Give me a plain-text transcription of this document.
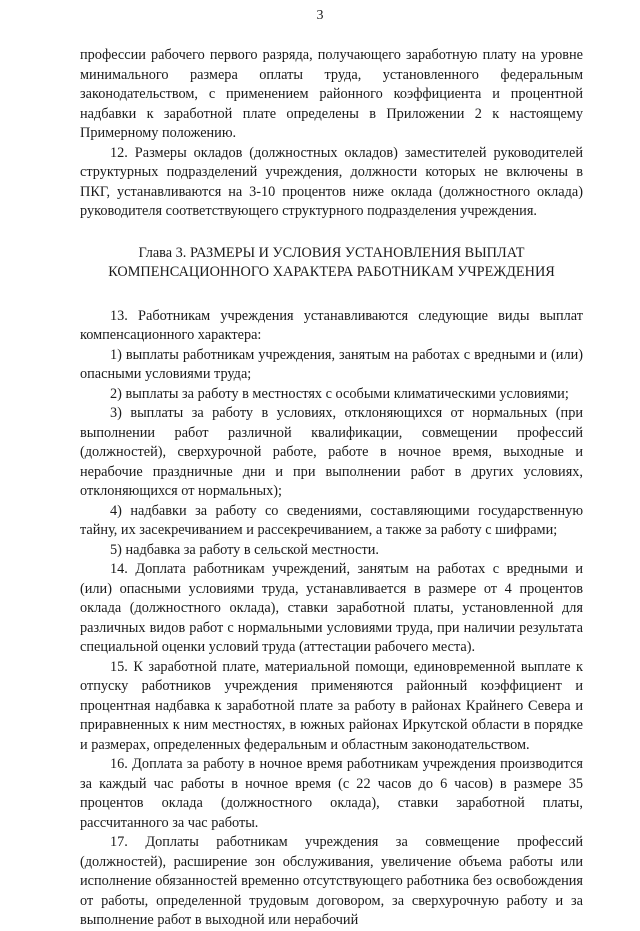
3

профессии рабочего первого разряда, получающего заработную плату на уровне минимального размера оплаты труда, установленного федеральным законодательством, с применением районного коэффициента и процентной надбавки к заработной плате определены в Приложении 2 к настоящему Примерному положению.

12. Размеры окладов (должностных окладов) заместителей руководителей структурных подразделений учреждения, должности которых не включены в ПКГ, устанавливаются на 3-10 процентов ниже оклада (должностного оклада) руководителя соответствующего структурного подразделения учреждения.

Глава 3. РАЗМЕРЫ И УСЛОВИЯ УСТАНОВЛЕНИЯ ВЫПЛАТ
КОМПЕНСАЦИОННОГО ХАРАКТЕРА РАБОТНИКАМ УЧРЕЖДЕНИЯ

13. Работникам учреждения устанавливаются следующие виды выплат компенсационного характера:

1) выплаты работникам учреждения, занятым на работах с вредными и (или) опасными условиями труда;

2) выплаты за работу в местностях с особыми климатическими условиями;

3) выплаты за работу в условиях, отклоняющихся от нормальных (при выполнении работ различной квалификации, совмещении профессий (должностей), сверхурочной работе, работе в ночное время, выходные и нерабочие праздничные дни и при выполнении работ в других условиях, отклоняющихся от нормальных);

4) надбавки за работу со сведениями, составляющими государственную тайну, их засекречиванием и рассекречиванием, а также за работу с шифрами;

5) надбавка за работу в сельской местности.

14. Доплата работникам учреждений, занятым на работах с вредными и (или) опасными условиями труда, устанавливается в размере от 4 процентов оклада (должностного оклада), ставки заработной платы, установленной для различных видов работ с нормальными условиями труда, при наличии результата специальной оценки условий труда (аттестации рабочего места).

15. К заработной плате, материальной помощи, единовременной выплате к отпуску работников учреждения применяются районный коэффициент и процентная надбавка к заработной плате за работу в районах Крайнего Севера и приравненных к ним местностях, в южных районах Иркутской области в порядке и размерах, определенных федеральным и областным законодательством.

16. Доплата за работу в ночное время работникам учреждения производится за каждый час работы в ночное время (с 22 часов до 6 часов) в размере 35 процентов оклада (должностного оклада), ставки заработной платы, рассчитанного за час работы.

17. Доплаты работникам учреждения за совмещение профессий (должностей), расширение зон обслуживания, увеличение объема работы или исполнение обязанностей временно отсутствующего работника без освобождения от работы, определенной трудовым договором, за сверхурочную работу и за выполнение работ в выходной или нерабочий
